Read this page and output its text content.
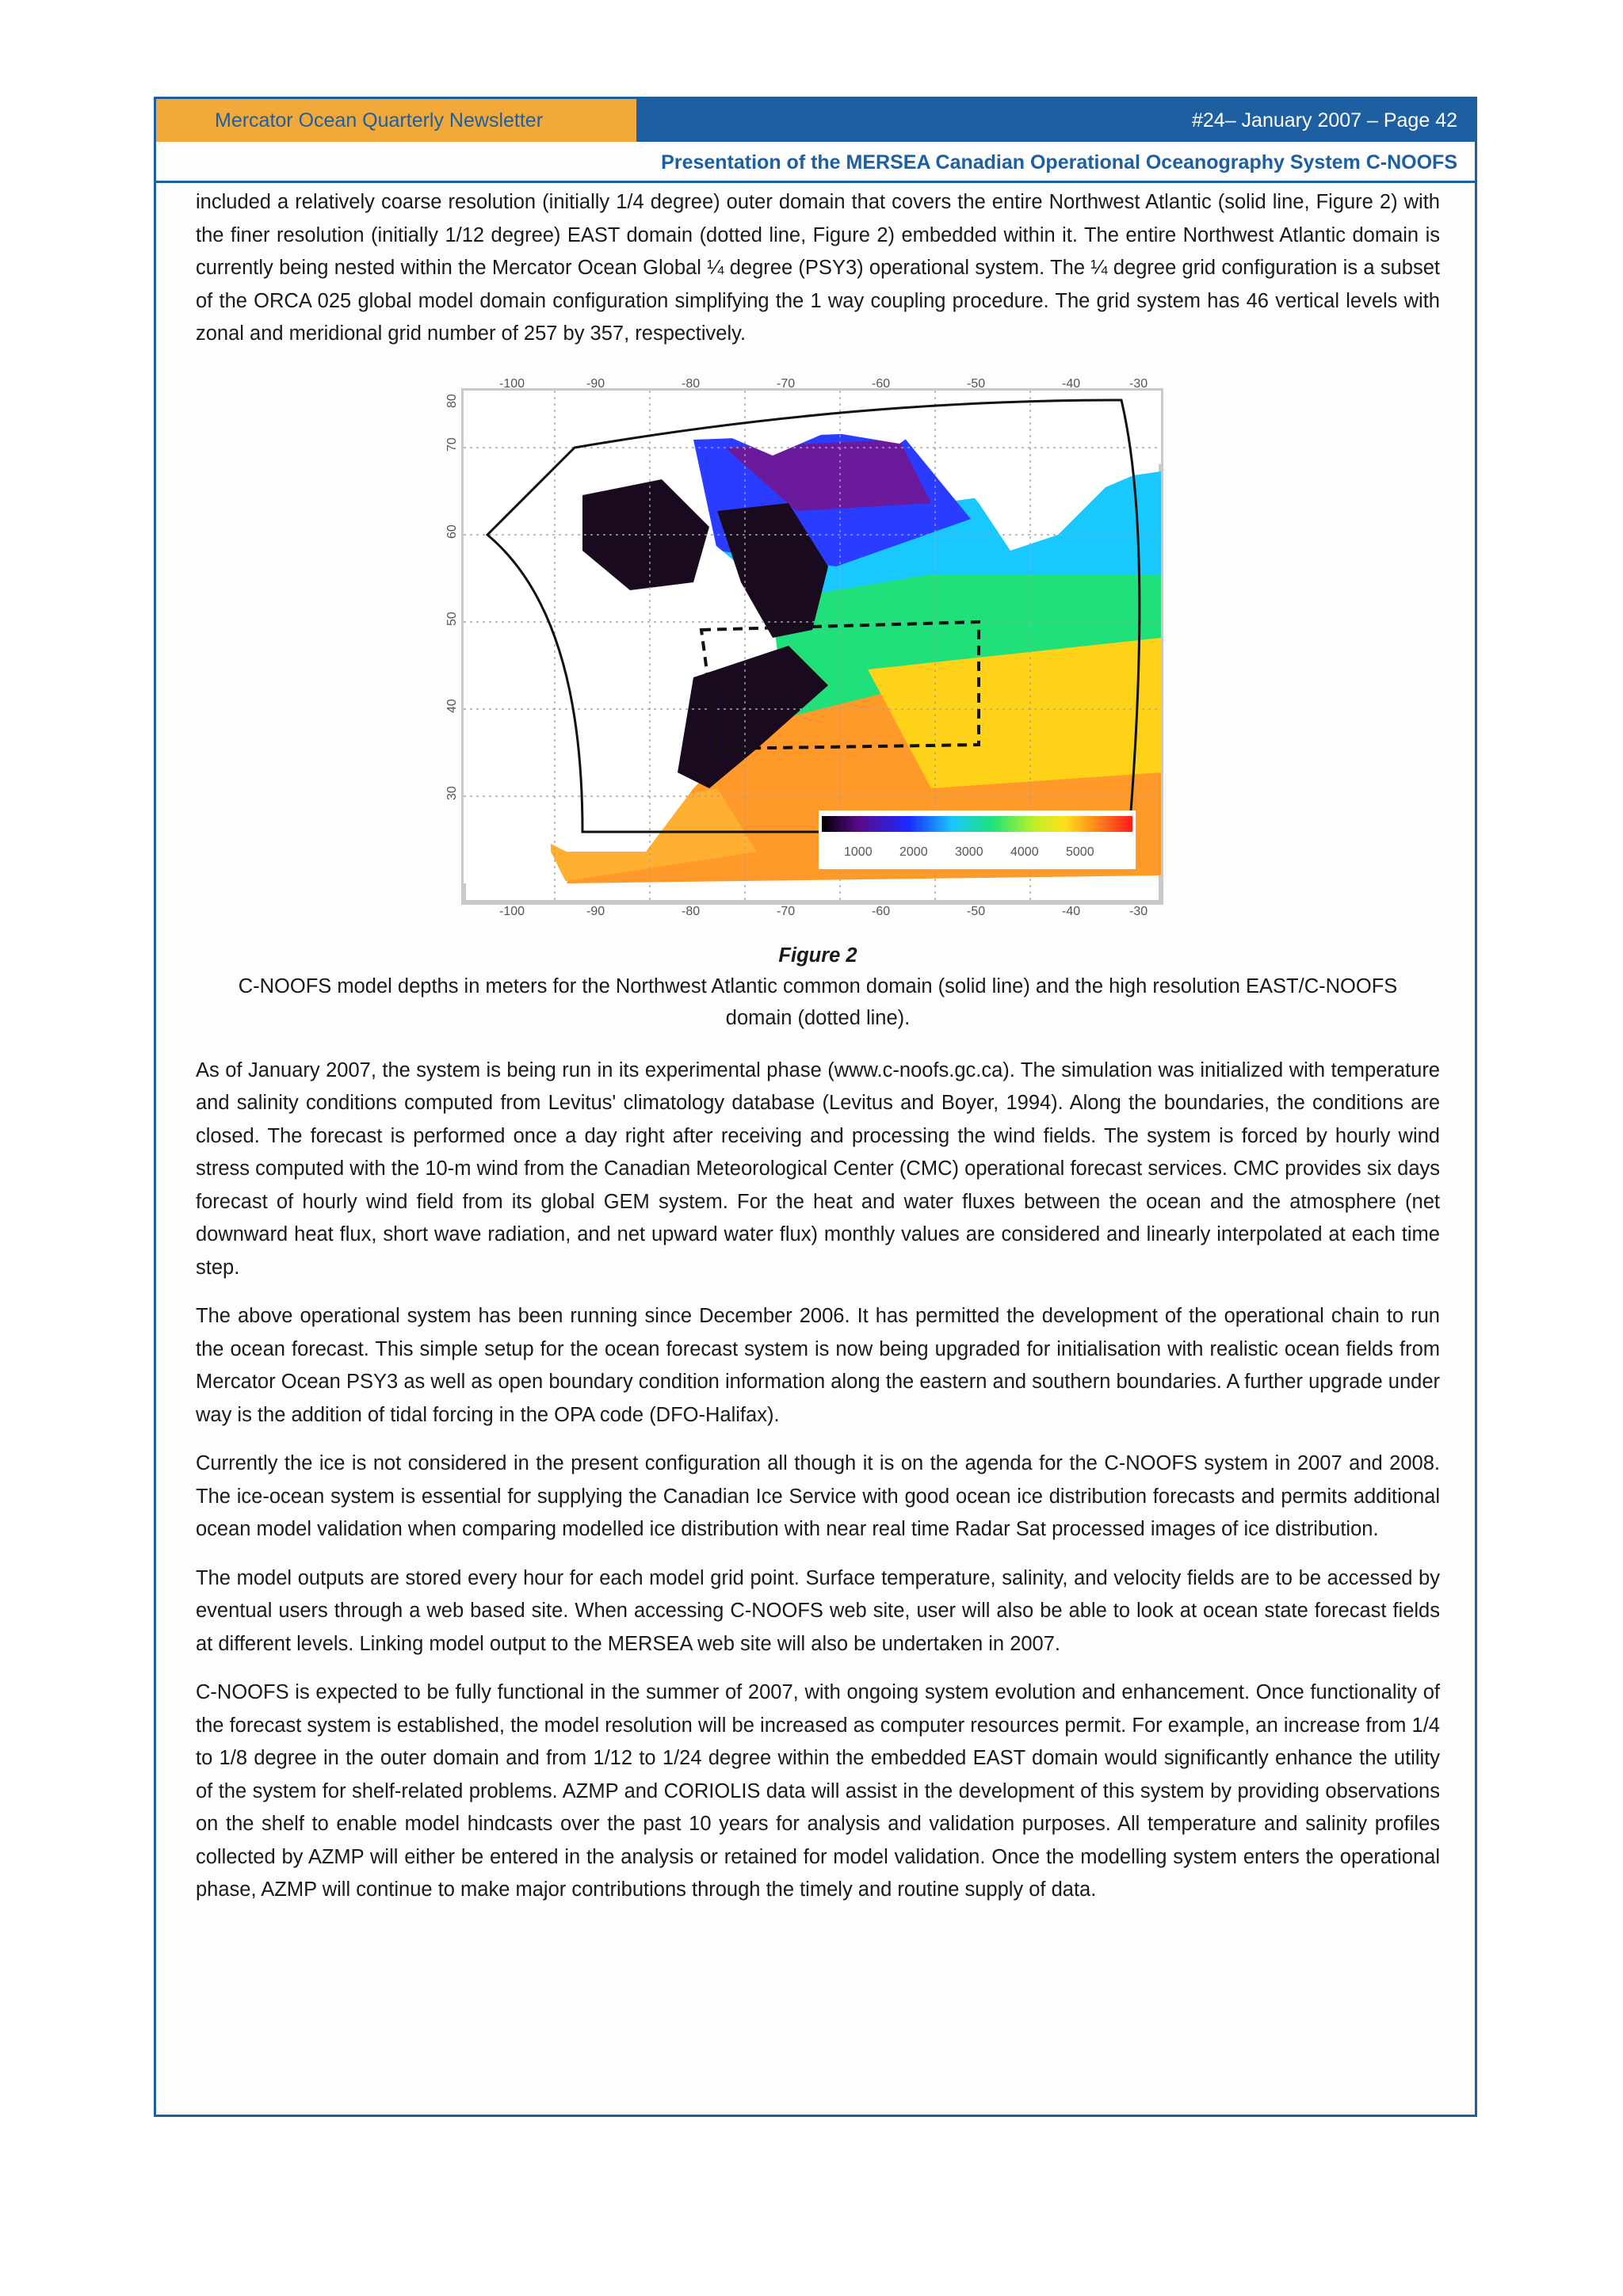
Mercator Ocean Quarterly Newsletter	#24– January 2007 – Page 42
Presentation of the MERSEA Canadian Operational Oceanography System C-NOOFS

included a relatively coarse resolution (initially 1/4 degree) outer domain that covers the entire Northwest Atlantic (solid line, Figure 2) with the finer resolution (initially 1/12 degree) EAST domain (dotted line, Figure 2) embedded within it. The entire Northwest Atlantic domain is currently being nested within the Mercator Ocean Global ¼ degree (PSY3) operational system. The ¼ degree grid configuration is a subset of the ORCA 025 global model domain configuration simplifying the 1 way coupling procedure. The grid system has 46 vertical levels with zonal and meridional grid number of 257 by 357, respectively.

-100	-90	-80	-70	-60	-50	-40	-30
-100	-90	-80	-70	-60	-50	-40	-30
30
40
50
60
70
80
1000 2000 3000 4000 5000
Figure 2
C-NOOFS model depths in meters for the Northwest Atlantic common domain (solid line) and the high resolution EAST/C-NOOFS domain (dotted line).

As of January 2007, the system is being run in its experimental phase (www.c-noofs.gc.ca). The simulation was initialized with temperature and salinity conditions computed from Levitus' climatology database (Levitus and Boyer, 1994). Along the boundaries, the conditions are closed. The forecast is performed once a day right after receiving and processing the wind fields. The system is forced by hourly wind stress computed with the 10-m wind from the Canadian Meteorological Center (CMC) operational forecast services. CMC provides six days forecast of hourly wind field from its global GEM system. For the heat and water fluxes between the ocean and the atmosphere (net downward heat flux, short wave radiation, and net upward water flux) monthly values are considered and linearly interpolated at each time step.

The above operational system has been running since December 2006. It has permitted the development of the operational chain to run the ocean forecast. This simple setup for the ocean forecast system is now being upgraded for initialisation with realistic ocean fields from Mercator Ocean PSY3 as well as open boundary condition information along the eastern and southern boundaries. A further upgrade under way is the addition of tidal forcing in the OPA code (DFO-Halifax).

Currently the ice is not considered in the present configuration all though it is on the agenda for the C-NOOFS system in 2007 and 2008. The ice-ocean system is essential for supplying the Canadian Ice Service with good ocean ice distribution forecasts and permits additional ocean model validation when comparing modelled ice distribution with near real time Radar Sat processed images of ice distribution.

The model outputs are stored every hour for each model grid point. Surface temperature, salinity, and velocity fields are to be accessed by eventual users through a web based site. When accessing C-NOOFS web site, user will also be able to look at ocean state forecast fields at different levels. Linking model output to the MERSEA web site will also be undertaken in 2007.

C-NOOFS is expected to be fully functional in the summer of 2007, with ongoing system evolution and enhancement. Once functionality of the forecast system is established, the model resolution will be increased as computer resources permit. For example, an increase from 1/4 to 1/8 degree in the outer domain and from 1/12 to 1/24 degree within the embedded EAST domain would significantly enhance the utility of the system for shelf-related problems. AZMP and CORIOLIS data will assist in the development of this system by providing observations on the shelf to enable model hindcasts over the past 10 years for analysis and validation purposes. All temperature and salinity profiles collected by AZMP will either be entered in the analysis or retained for model validation. Once the modelling system enters the operational phase, AZMP will continue to make major contributions through the timely and routine supply of data.
